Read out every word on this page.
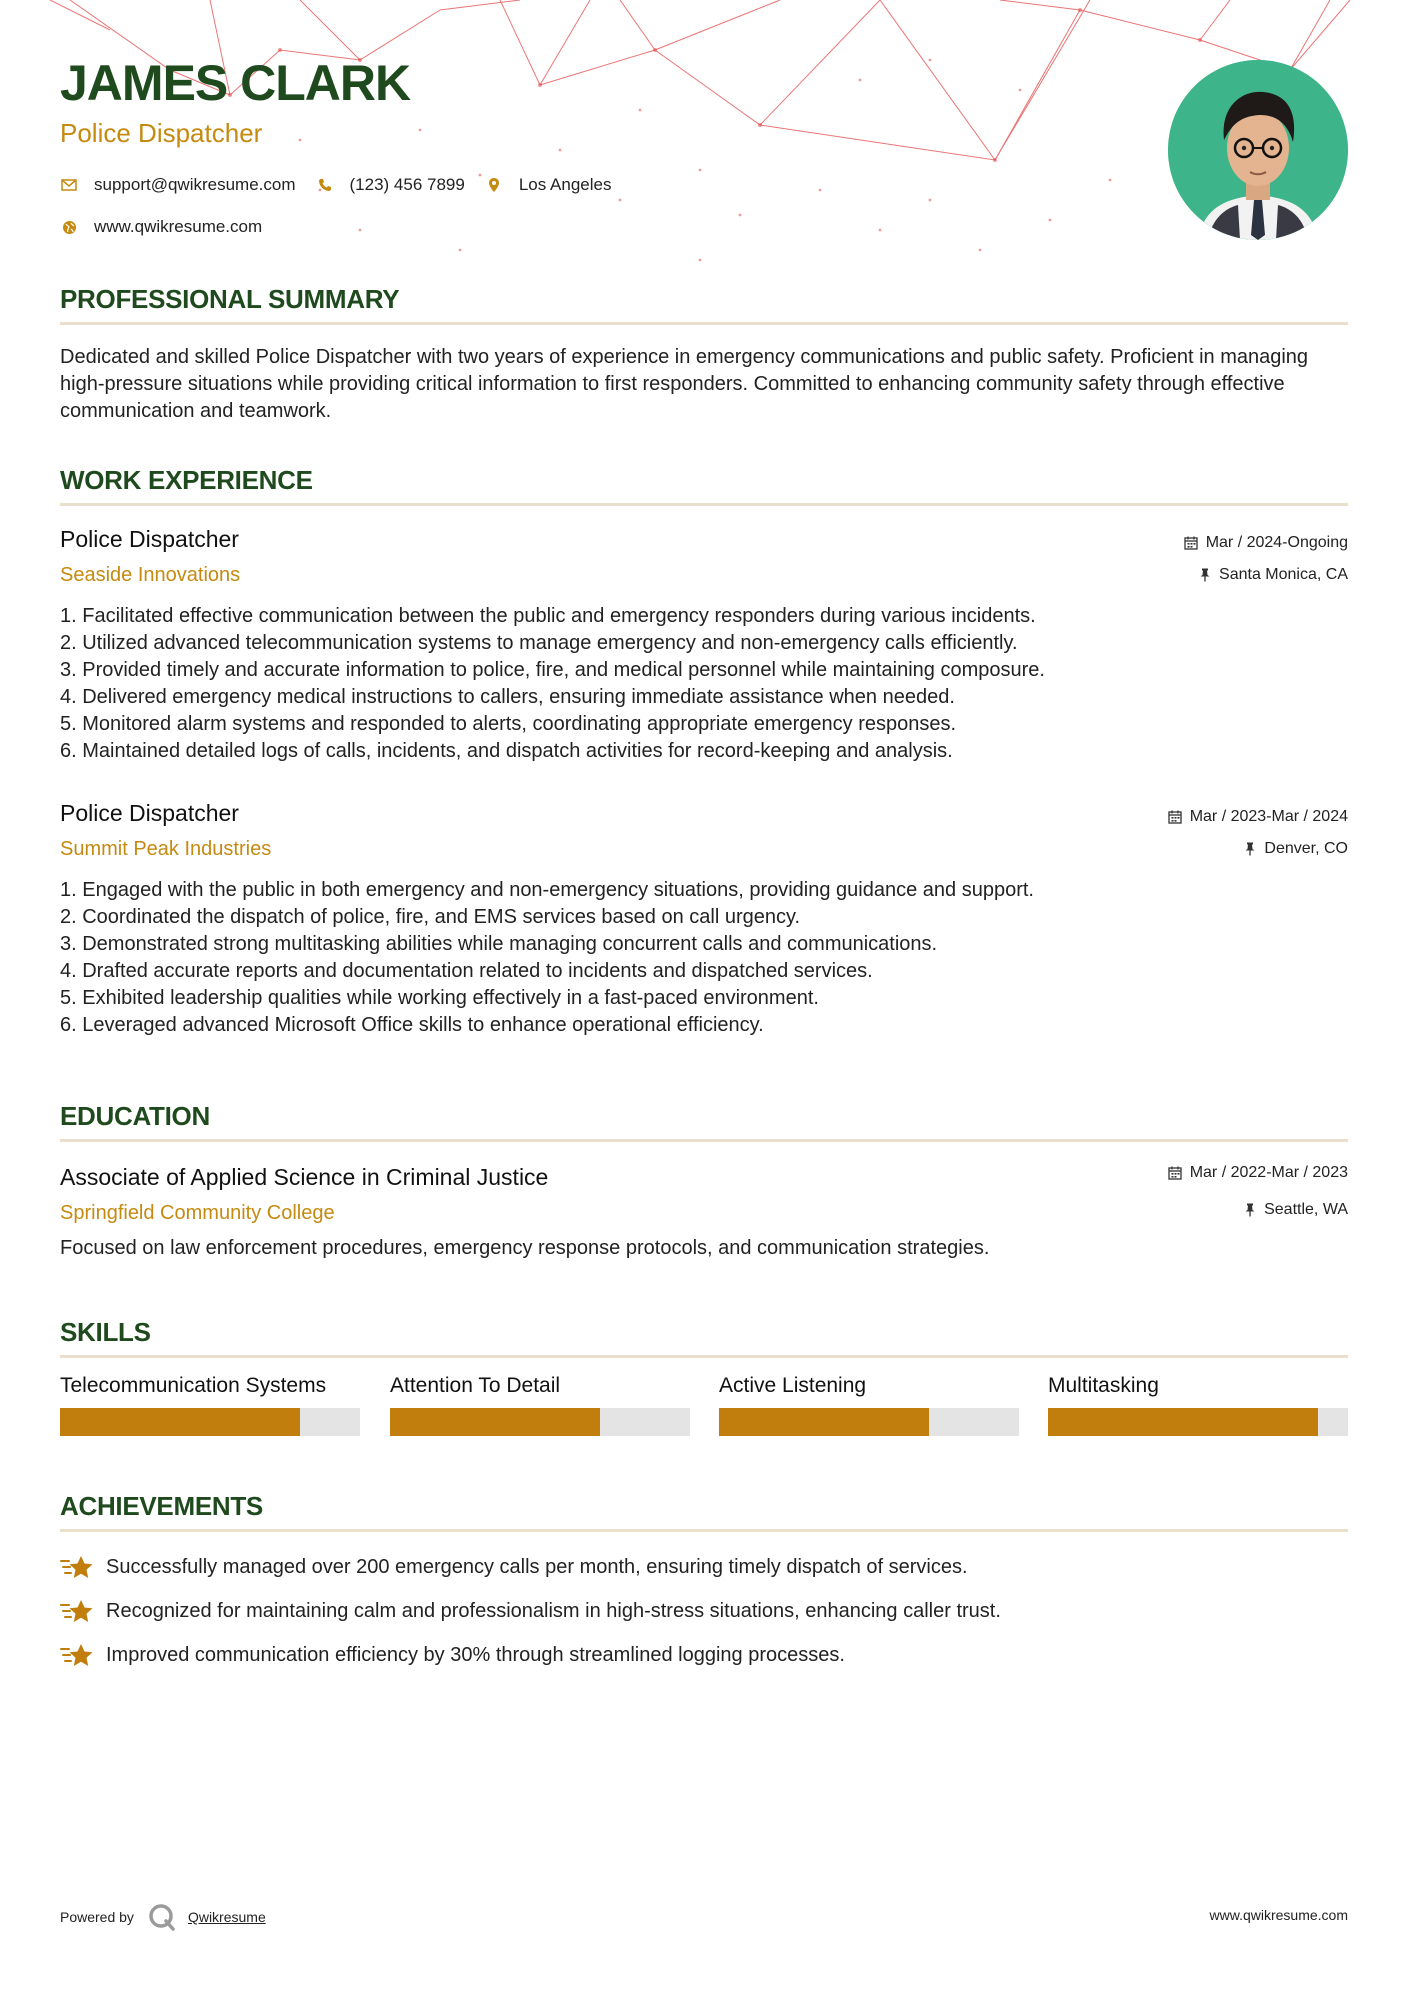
JAMES CLARK
Police Dispatcher
support@qwikresume.com	(123) 456 7899	Los Angeles
www.qwikresume.com
PROFESSIONAL SUMMARY

Dedicated and skilled Police Dispatcher with two years of experience in emergency communications and public safety. Proficient in managing high-pressure situations while providing critical information to first responders. Committed to enhancing community safety through effective communication and teamwork.

WORK EXPERIENCE
Police Dispatcher
Seaside Innovations
Mar / 2024-Ongoing
Santa Monica, CA
1. Facilitated effective communication between the public and emergency responders during various incidents.
2. Utilized advanced telecommunication systems to manage emergency and non-emergency calls efficiently.
3. Provided timely and accurate information to police, fire, and medical personnel while maintaining composure.
4. Delivered emergency medical instructions to callers, ensuring immediate assistance when needed.
5. Monitored alarm systems and responded to alerts, coordinating appropriate emergency responses.
6. Maintained detailed logs of calls, incidents, and dispatch activities for record-keeping and analysis.
Police Dispatcher
Summit Peak Industries
Mar / 2023-Mar / 2024
Denver, CO
1. Engaged with the public in both emergency and non-emergency situations, providing guidance and support.
2. Coordinated the dispatch of police, fire, and EMS services based on call urgency.
3. Demonstrated strong multitasking abilities while managing concurrent calls and communications.
4. Drafted accurate reports and documentation related to incidents and dispatched services.
5. Exhibited leadership qualities while working effectively in a fast-paced environment.
6. Leveraged advanced Microsoft Office skills to enhance operational efficiency.
EDUCATION
Associate of Applied Science in Criminal Justice
Springfield Community College
Mar / 2022-Mar / 2023
Seattle, WA

Focused on law enforcement procedures, emergency response protocols, and communication strategies.

SKILLS
Telecommunication Systems	Attention To Detail	Active Listening	Multitasking
ACHIEVEMENTS
Successfully managed over 200 emergency calls per month, ensuring timely dispatch of services.
Recognized for maintaining calm and professionalism in high-stress situations, enhancing caller trust.
Improved communication efficiency by 30% through streamlined logging processes.
Powered by	Qwikresume	www.qwikresume.com
